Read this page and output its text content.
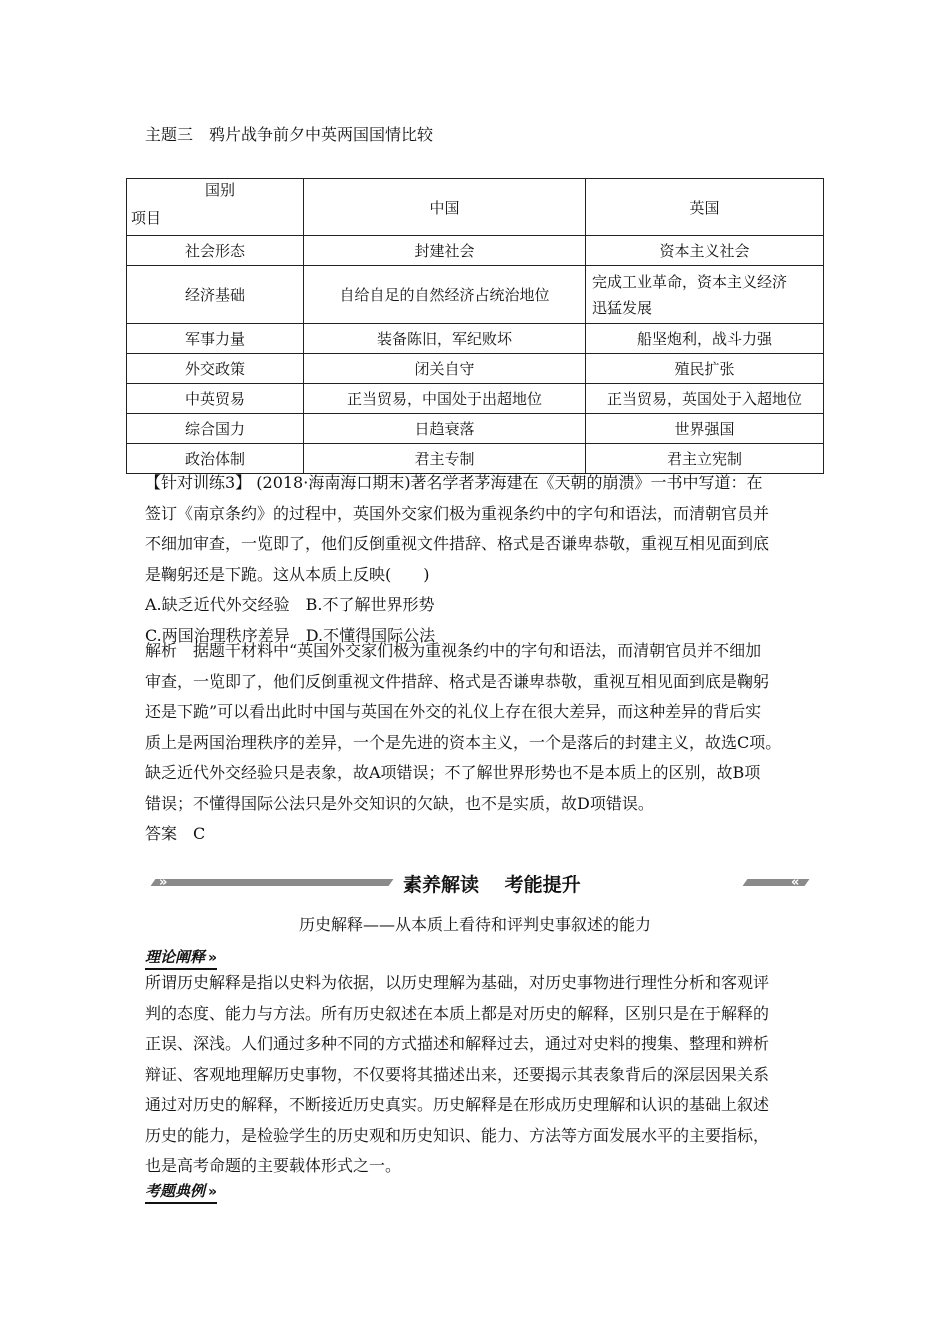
主题三　鸦片战争前夕中英两国国情比较
国别
项目	中国	英国
社会形态	封建社会	资本主义社会
经济基础	自给自足的自然经济占统治地位	完成工业革命，资本主义经济
迅猛发展

军事力量	装备陈旧，军纪败坏	船坚炮利，战斗力强
外交政策	闭关自守	殖民扩张
中英贸易	正当贸易，中国处于出超地位	正当贸易，英国处于入超地位
综合国力	日趋衰落	世界强国
政治体制	君主专制	君主立宪制
【针对训练3】 (2018·海南海口期末)著名学者茅海建在《天朝的崩溃》一书中写道：在
签订《南京条约》的过程中，英国外交家们极为重视条约中的字句和语法，而清朝官员并
不细加审查，一览即了，他们反倒重视文件措辞、格式是否谦卑恭敬，重视互相见面到底
是鞠躬还是下跪。这从本质上反映(　　)
A.缺乏近代外交经验　B.不了解世界形势
C.两国治理秩序差异　D.不懂得国际公法
解析　据题干材料中“英国外交家们极为重视条约中的字句和语法，而清朝官员并不细加
审查，一览即了，他们反倒重视文件措辞、格式是否谦卑恭敬，重视互相见面到底是鞠躬
还是下跪”可以看出此时中国与英国在外交的礼仪上存在很大差异，而这种差异的背后实
质上是两国治理秩序的差异，一个是先进的资本主义，一个是落后的封建主义，故选C项。
缺乏近代外交经验只是表象，故A项错误；不了解世界形势也不是本质上的区别，故B项
错误；不懂得国际公法只是外交知识的欠缺，也不是实质，故D项错误。
答案　C
»	«
素养解读　 考能提升
历史解释——从本质上看待和评判史事叙述的能力
理论阐释 »
所谓历史解释是指以史料为依据，以历史理解为基础，对历史事物进行理性分析和客观评
判的态度、能力与方法。所有历史叙述在本质上都是对历史的解释，区别只是在于解释的
正误、深浅。人们通过多种不同的方式描述和解释过去，通过对史料的搜集、整理和辨析
辩证、客观地理解历史事物，不仅要将其描述出来，还要揭示其表象背后的深层因果关系
通过对历史的解释，不断接近历史真实。历史解释是在形成历史理解和认识的基础上叙述
历史的能力，是检验学生的历史观和历史知识、能力、方法等方面发展水平的主要指标，
也是高考命题的主要载体形式之一。
考题典例 »
